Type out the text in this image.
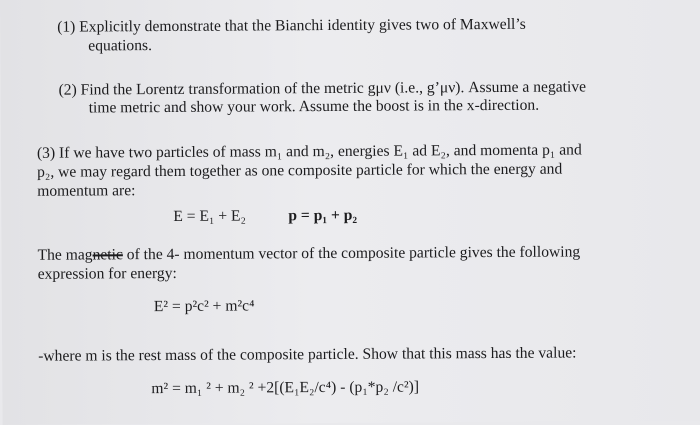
(1) Explicitly demonstrate that the Bianchi identity gives two of Maxwell’s
equations.
(2) Find the Lorentz transformation of the metric gμν (i.e., g’μν). Assume a negative
time metric and show your work. Assume the boost is in the x-direction.
(3) If we have two particles of mass m₁ and m₂, energies E₁ ad E₂, and momenta p₁ and
p₂, we may regard them together as one composite particle for which the energy and
momentum are:
E = E₁ + E₂	p = p₁ + p₂
The magnetic of the 4- momentum vector of the composite particle gives the following
expression for energy:
E² = p²c² + m²c⁴
-where m is the rest mass of the composite particle. Show that this mass has the value:
m² = m₁ ² + m₂ ² +2[(E₁E₂/c⁴) - (p₁*p₂ /c²)]
